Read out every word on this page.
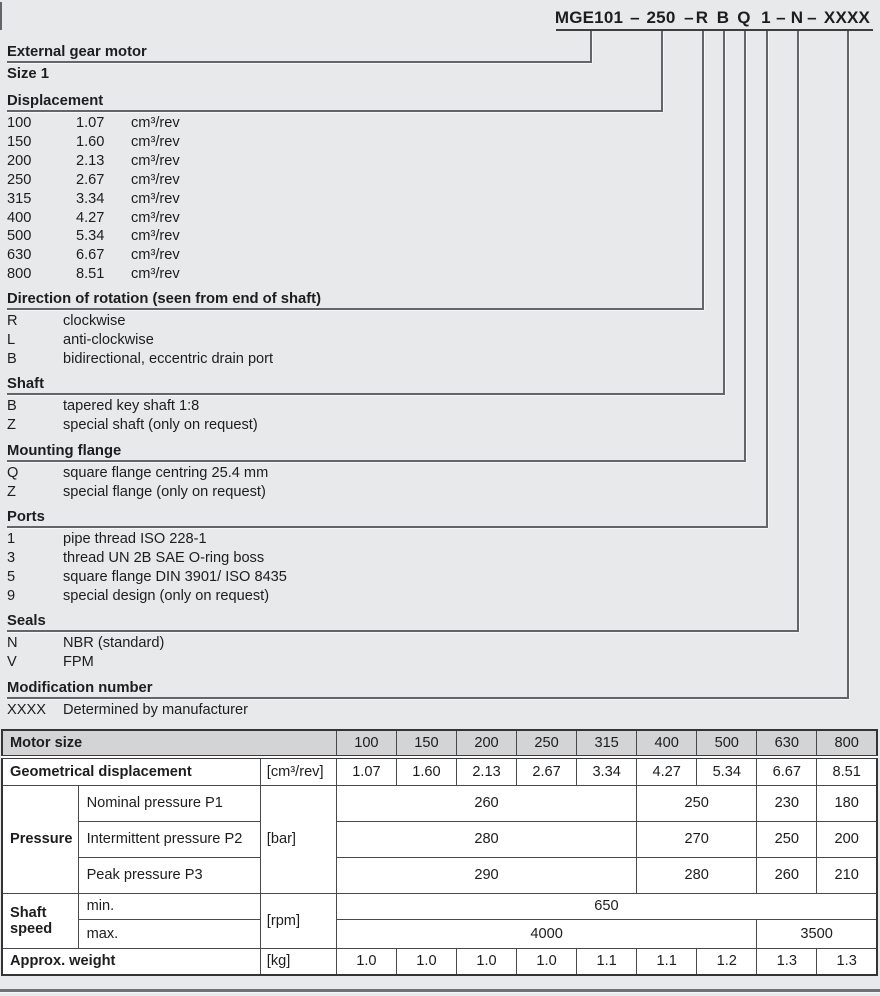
MGE101 – 250 – R B Q 1 – N – XXXX
External gear motor
Size 1
Displacement
100	1.07	cm³/rev
150	1.60	cm³/rev
200	2.13	cm³/rev
250	2.67	cm³/rev
315	3.34	cm³/rev
400	4.27	cm³/rev
500	5.34	cm³/rev
630	6.67	cm³/rev
800	8.51	cm³/rev
Direction of rotation (seen from end of shaft)
R	clockwise
L	anti-clockwise
B	bidirectional, eccentric drain port
Shaft
B	tapered key shaft 1:8
Z	special shaft (only on request)
Mounting flange
Q	square flange centring 25.4 mm
Z	special flange (only on request)
Ports
1	pipe thread ISO 228-1
3	thread UN 2B SAE O-ring boss
5	square flange DIN 3901/ ISO 8435
9	special design (only on request)
Seals
N	NBR (standard)
V	FPM
Modification number
XXXX	Determined by manufacturer
Motor size			100	150	200	250	315	400	500	630	800
Geometrical displacement		[cm³/rev]	1.07	1.60	2.13	2.67	3.34	4.27	5.34	6.67	8.51
Pressure	Nominal pressure P1	[bar]	260					250		230	180
	Intermittent pressure P2		280					270		250	200
	Peak pressure P3		290					280		260	210
Shaft speed	min.	[rpm]	650								
	max.		4000							3500	
Approx. weight		[kg]	1.0	1.0	1.0	1.0	1.1	1.1	1.2	1.3	1.3
